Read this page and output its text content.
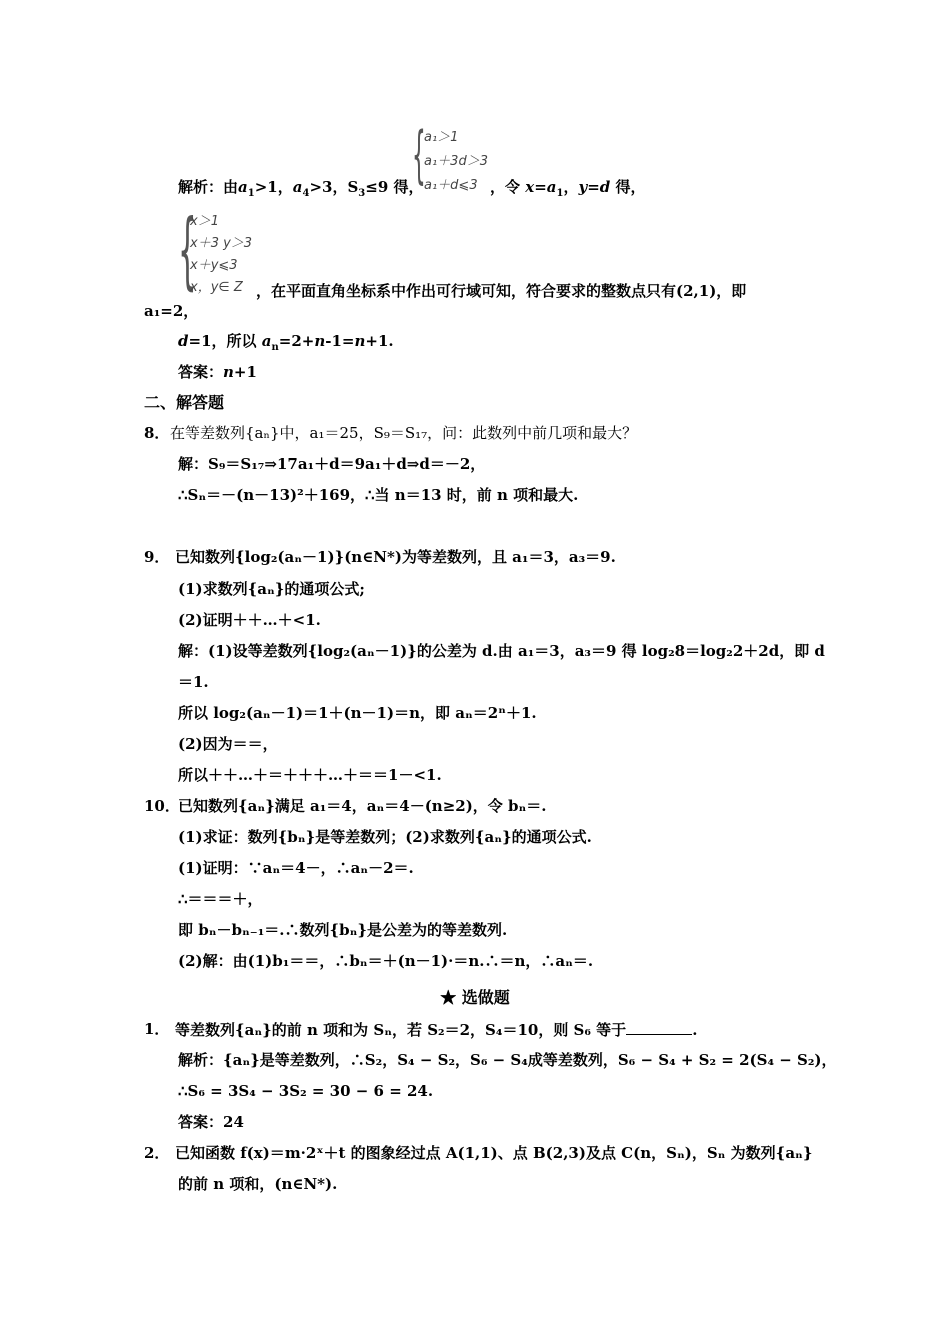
{
a₁＞1
a₁＋3d＞3
a₁＋d⩽3
解析：由$a_1>1$，$a_4>3$，$S_3\le 9$ 得，	，令 $x=a_1$，y=d 得，
{
x＞1
x＋3 y＞3
x＋y⩽3
x，y∈ Z ，在平面直角坐标系中作出可行域可知，符合要求的整数点只有(2,1)，即
a₁=2，
d=1，所以 $a_n=2+n-1=n+1$.
答案：n+1
二、解答题
8． 在等差数列{aₙ}中，a₁＝25，S₉＝S₁₇，问：此数列中前几项和最大？
解：S₉＝S₁₇⇒17a₁＋d＝9a₁＋d⇒d＝－2，
∴Sₙ＝－(n－13)²＋169，∴当 n＝13 时，前 n 项和最大.
9． 已知数列{log₂(aₙ－1)}(n∈N*)为等差数列，且 a₁＝3，a₃＝9.
(1)求数列{aₙ}的通项公式;
(2)证明＋＋…＋<1.
解：(1)设等差数列{log₂(aₙ－1)}的公差为 d.由 a₁＝3，a₃＝9 得 log₂8＝log₂2＋2d，即 d
＝1.
所以 log₂(aₙ－1)＝1＋(n－1)＝n，即 aₙ＝2ⁿ＋1.
(2)因为＝＝，
所以＋＋…＋＝＋＋＋…＋＝＝1－<1.
10．
已知数列{aₙ}满足 a₁＝4，aₙ＝4－(n≥2)，令 bₙ＝.
(1)求证：数列{bₙ}是等差数列；(2)求数列{aₙ}的通项公式.
(1)证明：∵aₙ＝4－，∴aₙ－2＝.
∴＝＝＝＋，
即 bₙ－bₙ₋₁＝.∴数列{bₙ}是公差为的等差数列.
(2)解：由(1)b₁＝＝，∴bₙ＝＋(n－1)·＝n.∴＝n，∴aₙ＝.
★ 选做题
1． 等差数列{aₙ}的前 n 项和为 Sₙ，若 S₂＝2，S₄＝10，则 S₆ 等于	.
解析：{aₙ}是等差数列，∴S₂，S₄ − S₂，S₆ − S₄成等差数列，S₆ − S₄ + S₂ = 2(S₄ − S₂)，
∴S₆ = 3S₄ − 3S₂ = 30 − 6 = 24.
答案：24
2． 已知函数 f(x)＝m·2ˣ＋t 的图象经过点 A(1,1)、点 B(2,3)及点 C(n，Sₙ)，Sₙ 为数列{aₙ}
的前 n 项和，(n∈N*).
